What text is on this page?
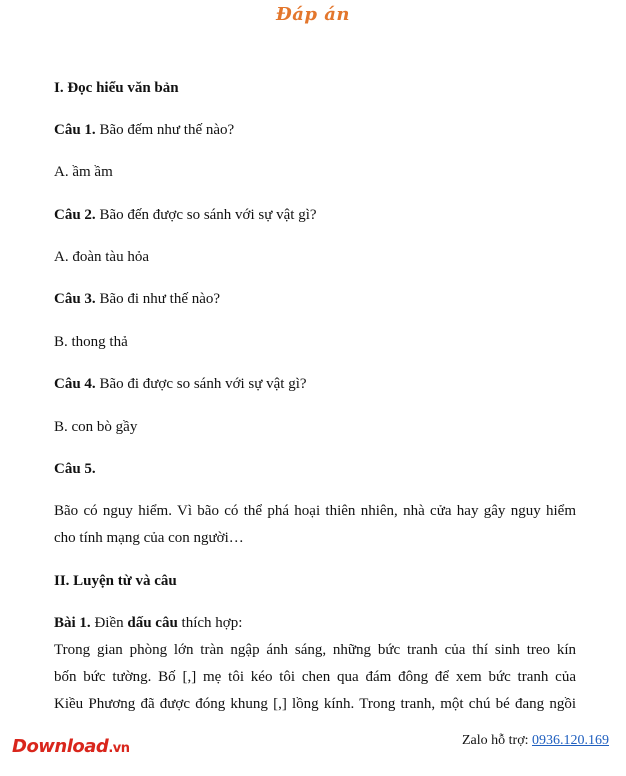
Đáp án
I. Đọc hiểu văn bản
Câu 1. Bão đếm như thế nào?
A. ầm ầm
Câu 2. Bão đến được so sánh với sự vật gì?
A. đoàn tàu hỏa
Câu 3. Bão đi như thế nào?
B. thong thả
Câu 4. Bão đi được so sánh với sự vật gì?
B. con bò gầy
Câu 5.
Bão có nguy hiểm. Vì bão có thể phá hoại thiên nhiên, nhà cửa hay gây nguy hiểm
cho tính mạng của con người…
II. Luyện từ và câu
Bài 1. Điền dấu câu thích hợp:
Trong gian phòng lớn tràn ngập ánh sáng, những bức tranh của thí sinh treo kín
bốn bức tường. Bố [,] mẹ tôi kéo tôi chen qua đám đông để xem bức tranh của
Kiều Phương đã được đóng khung [,] lồng kính. Trong tranh, một chú bé đang ngồi
Download.vn
Zalo hỗ trợ: 0936.120.169
